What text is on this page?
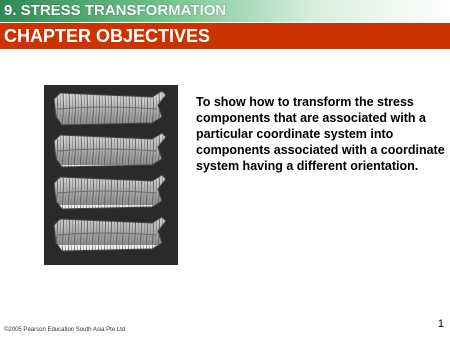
9. STRESS TRANSFORMATION
CHAPTER OBJECTIVES
To show how to transform the stress components that are associated with a particular coordinate system into components associated with a coordinate system having a different orientation.
©2005 Pearson Education South Asia Pte Ltd	1
